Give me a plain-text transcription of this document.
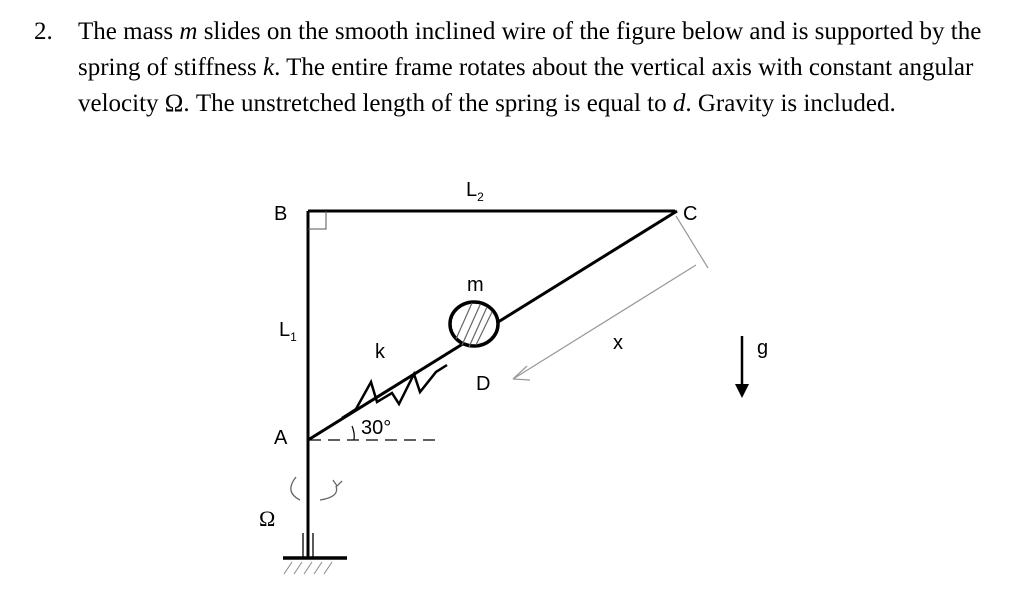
2. The mass m slides on the smooth inclined wire of the figure below and is supported by the spring of stiffness k. The entire frame rotates about the vertical axis with constant angular velocity Ω. The unstretched length of the spring is equal to d. Gravity is included.
B	C
A
$L_2$
$L_1$
m
k
D
x	g
30°
Ω
